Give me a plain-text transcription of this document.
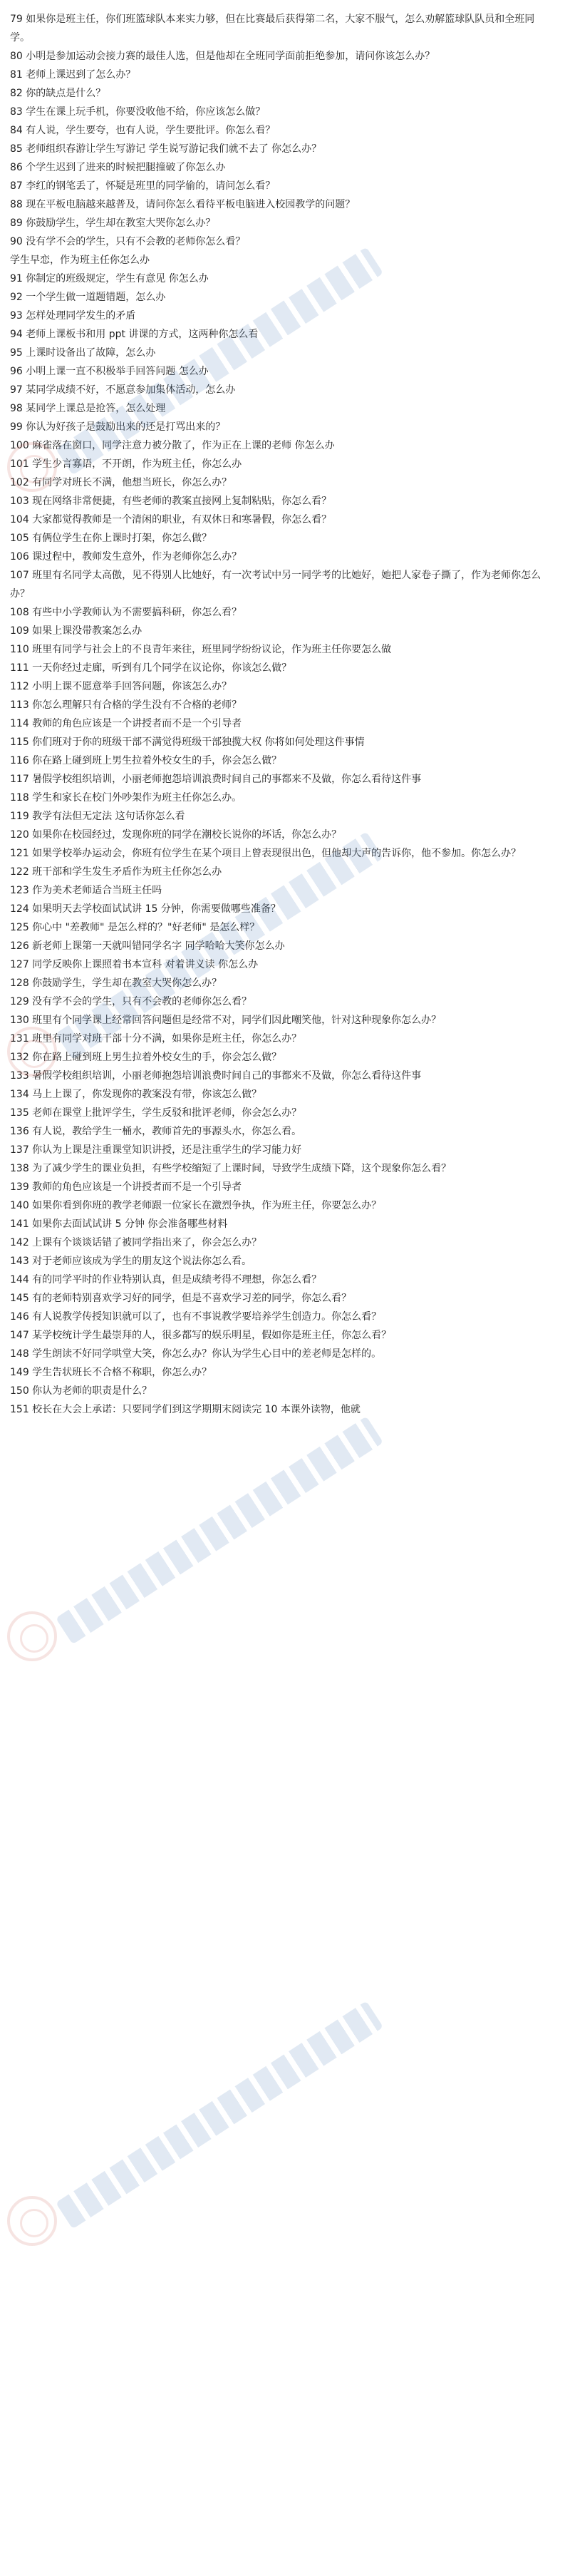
79 如果你是班主任，你们班篮球队本来实力够，但在比赛最后获得第二名，大家不服气，怎么劝解篮球队队员和全班同学。
80 小明是参加运动会接力赛的最佳人选，但是他却在全班同学面前拒绝参加，请问你该怎么办？
81 老师上课迟到了怎么办？
82 你的缺点是什么？
83 学生在课上玩手机，你要没收他不给，你应该怎么做？
84 有人说，学生要夸，也有人说，学生要批评。你怎么看？
85 老师组织春游让学生写游记 学生说写游记我们就不去了 你怎么办？
86 个学生迟到了进来的时候把腿撞破了你怎么办
87 李红的钢笔丢了，怀疑是班里的同学偷的，请问怎么看？
88 现在平板电脑越来越普及，请问你怎么看待平板电脑进入校园教学的问题？
89 你鼓励学生，学生却在教室大哭你怎么办？
90 没有学不会的学生，只有不会教的老师你怎么看？
学生早恋，作为班主任你怎么办
91 你制定的班级规定，学生有意见 你怎么办
92 一个学生做一道题错题，怎么办
93 怎样处理同学发生的矛盾
94 老师上课板书和用 ppt 讲课的方式，这两种你怎么看
95 上课时设备出了故障，怎么办
96 小明上课一直不积极举手回答问题 怎么办
97 某同学成绩不好，不愿意参加集体活动，怎么办
98 某同学上课总是抢答，怎么处理
99 你认为好孩子是鼓励出来的还是打骂出来的？
100 麻雀落在窗口，同学注意力被分散了，作为正在上课的老师 你怎么办
101 学生少言寡语，不开朗，作为班主任，你怎么办
102 有同学对班长不满，他想当班长，你怎么办？
103 现在网络非常便捷，有些老师的教案直接网上复制粘贴，你怎么看？
104 大家都觉得教师是一个清闲的职业，有双休日和寒暑假，你怎么看？
105 有俩位学生在你上课时打架，你怎么做？
106 课过程中，教师发生意外，作为老师你怎么办？
107 班里有名同学太高傲，见不得别人比她好，有一次考试中另一同学考的比她好，她把人家卷子撕了，作为老师你怎么办？
108 有些中小学教师认为不需要搞科研，你怎么看？
109 如果上课没带教案怎么办
110 班里有同学与社会上的不良青年来往，班里同学纷纷议论，作为班主任你要怎么做
111 一天你经过走廊，听到有几个同学在议论你，你该怎么做？
112 小明上课不愿意举手回答问题，你该怎么办？
113 你怎么理解只有合格的学生没有不合格的老师？
114 教师的角色应该是一个讲授者而不是一个引导者
115 你们班对于你的班级干部不满觉得班级干部独揽大权 你将如何处理这件事情
116 你在路上碰到班上男生拉着外校女生的手，你会怎么做？
117 暑假学校组织培训，小丽老师抱怨培训浪费时间自己的事都来不及做，你怎么看待这件事
118 学生和家长在校门外吵架作为班主任你怎么办。
119 教学有法但无定法 这句话你怎么看
120 如果你在校园经过，发现你班的同学在潮校长说你的坏话，你怎么办？
121 如果学校举办运动会，你班有位学生在某个项目上曾表现很出色，但他却大声的告诉你，他不参加。你怎么办？
122 班干部和学生发生矛盾作为班主任你怎么办
123 作为美术老师适合当班主任吗
124 如果明天去学校面试试讲 15 分钟，你需要做哪些准备？
125 你心中 "差教师" 是怎么样的？"好老师" 是怎么样？
126 新老师上课第一天就叫错同学名字 同学哈哈大笑你怎么办
127 同学反映你上课照着书本宣科 对着讲义读 你怎么办
128 你鼓励学生，学生却在教室大哭你怎么办？
129 没有学不会的学生，只有不会教的老师你怎么看？
130 班里有个同学课上经常回答问题但是经常不对，同学们因此嘲笑他，针对这种现象你怎么办？
131 班里有同学对班干部十分不满，如果你是班主任，你怎么办？
132 你在路上碰到班上男生拉着外校女生的手，你会怎么做？
133 暑假学校组织培训，小丽老师抱怨培训浪费时间自己的事都来不及做，你怎么看待这件事
134 马上上课了，你发现你的教案没有带，你该怎么做？
135 老师在课堂上批评学生，学生反驳和批评老师，你会怎么办？
136 有人说，教给学生一桶水，教师首先的事源头水，你怎么看。
137 你认为上课是注重课堂知识讲授，还是注重学生的学习能力好
138 为了减少学生的课业负担，有些学校缩短了上课时间，导致学生成绩下降，这个现象你怎么看？
139 教师的角色应该是一个讲授者而不是一个引导者
140 如果你看到你班的教学老师跟一位家长在激烈争执，作为班主任，你要怎么办？
141 如果你去面试试讲 5 分钟 你会准备哪些材料
142 上课有个谈谈话错了被同学指出来了，你会怎么办？
143 对于老师应该成为学生的朋友这个说法你怎么看。
144 有的同学平时的作业特别认真，但是成绩考得不理想，你怎么看？
145 有的老师特别喜欢学习好的同学，但是不喜欢学习差的同学，你怎么看？
146 有人说教学传授知识就可以了，也有不事说教学要培养学生创造力。你怎么看？
147 某学校统计学生最崇拜的人，很多都写的娱乐明星，假如你是班主任，你怎么看？
148 学生朗读不好同学哄堂大笑，你怎么办？你认为学生心目中的差老师是怎样的。
149 学生告状班长不合格不称职，你怎么办？
150 你认为老师的职责是什么？
151 校长在大会上承诺：只要同学们到这学期期末阅读完 10 本课外读物，他就
